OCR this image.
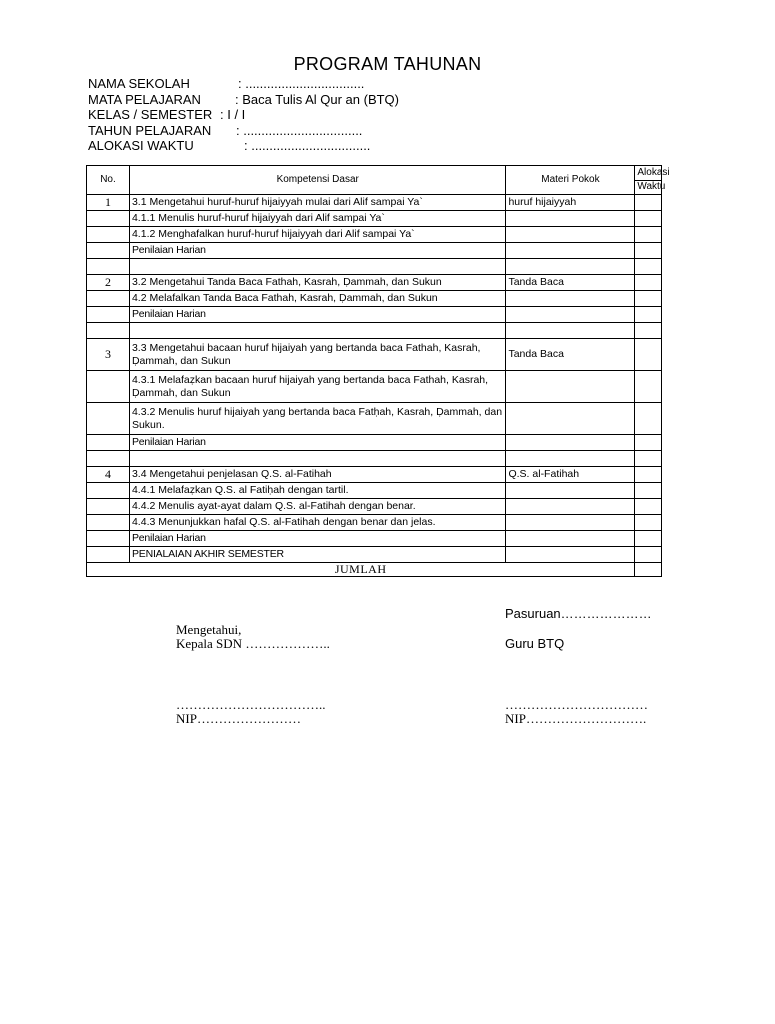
PROGRAM TAHUNAN
NAMA SEKOLAH	: .................................
MATA PELAJARAN	: Baca Tulis Al Qur an (BTQ)
KELAS / SEMESTER : I / I
TAHUN PELAJARAN	: .................................
ALOKASI WAKTU	: .................................
No.	Kompetensi Dasar	Materi Pokok	Alokasi
			Waktu
1	3.1 Mengetahui huruf-huruf hijaiyyah mulai dari Alif sampai Ya`	huruf hijaiyyah	
	4.1.1 Menulis huruf-huruf hijaiyyah dari Alif sampai Ya`		
	4.1.2 Menghafalkan huruf-huruf hijaiyyah dari Alif sampai Ya`		
	Penilaian Harian		

2	3.2 Mengetahui Tanda Baca Fathah, Kasrah, Ḍammah, dan Sukun	Tanda Baca	
	4.2 Melafalkan Tanda Baca Fathah, Kasrah, Ḍammah, dan Sukun		
	Penilaian Harian		

3	3.3 Mengetahui bacaan huruf hijaiyah yang bertanda baca Fathah, Kasrah, Ḍammah, dan Sukun	Tanda Baca	
	4.3.1 Melafaẓkan bacaan huruf hijaiyah yang bertanda baca Fathah, Kasrah, Ḍammah, dan Sukun		
	4.3.2 Menulis huruf hijaiyah yang bertanda baca Fatḥah, Kasrah, Ḍammah, dan Sukun.		
	Penilaian Harian		

4	3.4 Mengetahui penjelasan Q.S. al-Fatihah	Q.S. al-Fatihah	
	4.4.1 Melafaẓkan Q.S. al Fatiḥah dengan tartil.		
	4.4.2 Menulis ayat-ayat dalam Q.S. al-Fatihah dengan benar.		
	4.4.3 Menunjukkan hafal Q.S. al-Fatihah dengan benar dan jelas.		
	Penilaian Harian		
	PENIALAIAN AKHIR SEMESTER		
JUMLAH			
Mengetahui,
Kepala SDN ………………..
……………………………..
NIP……………………
Pasuruan…………………
Guru BTQ
……………………………
NIP……………………….
